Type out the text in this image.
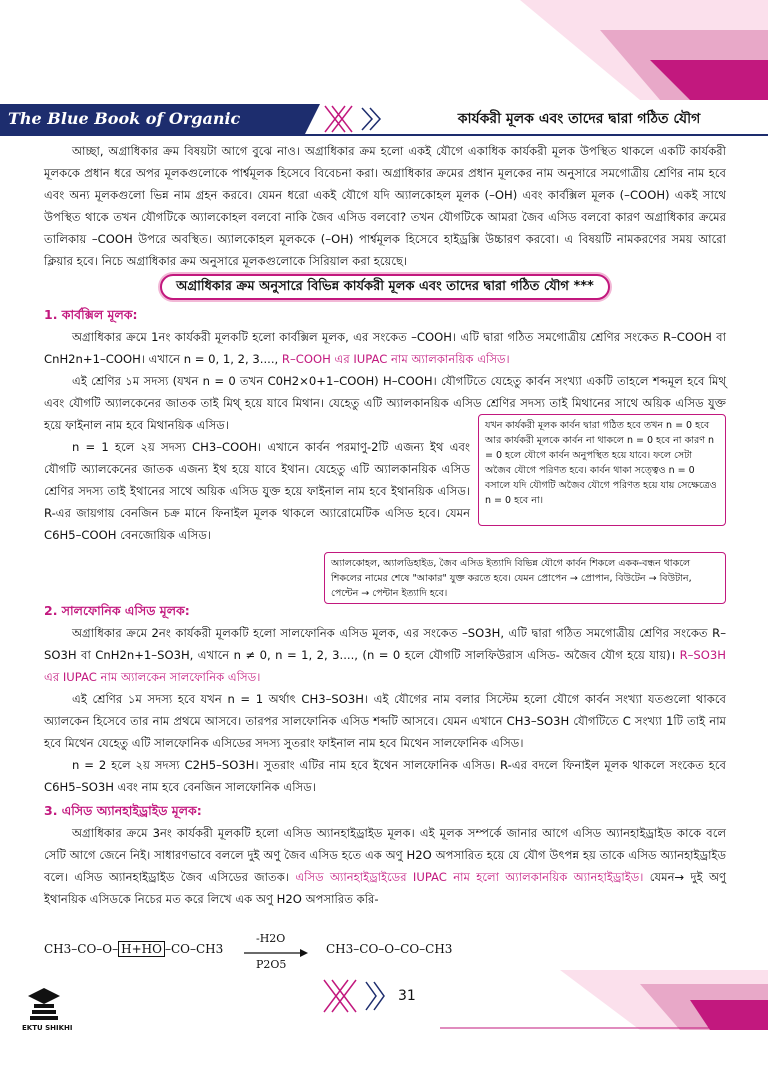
The Blue Book of Organic Chemistry
কার্যকরী মূলক এবং তাদের দ্বারা গঠিত যৌগ

আচ্ছা, অগ্রাধিকার ক্রম বিষয়টা আগে বুঝে নাও। অগ্রাধিকার ক্রম হলো একই যৌগে একাধিক কার্যকরী মূলক উপস্থিত থাকলে একটি কার্যকরী মূলককে প্রধান ধরে অপর মূলকগুলোকে পার্শ্বমূলক হিসেবে বিবেচনা করা। অগ্রাধিকার ক্রমের প্রধান মূলকের নাম অনুসারে সমগোত্রীয় শ্রেণির নাম হবে এবং অন্য মূলকগুলো ভিন্ন নাম গ্রহন করবে। যেমন ধরো একই যৌগে যদি অ্যালকোহল মূলক (–OH) এবং কার্বক্সিল মূলক (–COOH) একই সাথে উপস্থিত থাকে তখন যৌগটিকে অ্যালকোহল বলবো নাকি জৈব এসিড বলবো? তখন যৌগটিকে আমরা জৈব এসিড বলবো কারণ অগ্রাধিকার ক্রমের তালিকায় –COOH উপরে অবস্থিত। অ্যালকোহল মূলককে (–OH) পার্শ্বমূলক হিসেবে হাইড্রক্সি উচ্চারণ করবো। এ বিষয়টি নামকরণের সময় আরো ক্লিয়ার হবে। নিচে অগ্রাধিকার ক্রম অনুসারে মূলকগুলোকে সিরিয়াল করা হয়েছে।

অগ্রাধিকার ক্রম অনুসারে বিভিন্ন কার্যকরী মূলক এবং তাদের দ্বারা গঠিত যৌগ ***
1. কার্বক্সিল মূলক:

অগ্রাধিকার ক্রমে 1নং কার্যকরী মূলকটি হলো কার্বক্সিল মূলক, এর সংকেত –COOH। এটি দ্বারা গঠিত সমগোত্রীয় শ্রেণির সংকেত R–COOH বা CnH2n+1–COOH। এখানে n = 0, 1, 2, 3...., R–COOH এর IUPAC নাম অ্যালকানয়িক এসিড।

এই শ্রেণির ১ম সদস্য (যখন n = 0 তখন C0H2×0+1–COOH) H–COOH। যৌগটিতে যেহেতু কার্বন সংখ্যা একটি তাহলে শব্দমূল হবে মিথ্ এবং যৌগটি অ্যালকেনের জাতক তাই মিথ্ হয়ে যাবে মিথান। যেহেতু এটি অ্যালকানয়িক এসিড শ্রেণির সদস্য তাই মিথানের সাথে অয়িক এসিড যুক্ত হয়ে ফাইনাল নাম হবে মিথানয়িক এসিড।

n = 1 হলে ২য় সদস্য CH3–COOH। এখানে কার্বন পরমাণু-2টি এজন্য ইথ এবং যৌগটি অ্যালকেনের জাতক এজন্য ইথ হয়ে যাবে ইথান। যেহেতু এটি অ্যালকানয়িক এসিড শ্রেণির সদস্য তাই ইথানের সাথে অয়িক এসিড যুক্ত হয়ে ফাইনাল নাম হবে ইথানয়িক এসিড। R-এর জায়গায় বেনজিন চক্র মানে ফিনাইল মূলক থাকলে অ্যারোমেটিক এসিড হবে। যেমন C6H5–COOH বেনজোয়িক এসিড।

যখন কার্যকরী মূলক কার্বন দ্বারা গঠিত হবে তখন n = 0 হবে আর কার্যকরী মূলকে কার্বন না থাকলে n = 0 হবে না কারণ n = 0 হলে যৌগে কার্বন অনুপস্থিত হয়ে যাবে। ফলে সেটা অজৈব যৌগে পরিণত হবে। কার্বন থাকা সত্ত্বেও n = 0 বসালে যদি যৌগটি অজৈব যৌগে পরিণত হয়ে যায় সেক্ষেত্রেও n = 0 হবে না।
অ্যালকোহল, অ্যালডিহাইড, জৈব এসিড ইত্যাদি বিভিন্ন যৌগে কার্বন শিকলে একক-বন্ধন থাকলে শিকলের নামের শেষে "আকার" যুক্ত করতে হবে। যেমন প্রোপেন → প্রোপান, বিউটেন → বিউটান, পেন্টেন → পেন্টান ইত্যাদি হবে।
2. সালফোনিক এসিড মূলক:

অগ্রাধিকার ক্রমে 2নং কার্যকরী মূলকটি হলো সালফোনিক এসিড মূলক, এর সংকেত –SO3H, এটি দ্বারা গঠিত সমগোত্রীয় শ্রেণির সংকেত R–SO3H বা CnH2n+1–SO3H, এখানে n ≠ 0, n = 1, 2, 3...., (n = 0 হলে যৌগটি সালফিউরাস এসিড- অজৈব যৌগ হয়ে যায়)। R–SO3H এর IUPAC নাম অ্যালকেন সালফোনিক এসিড।

এই শ্রেণির ১ম সদস্য হবে যখন n = 1 অর্থাৎ CH3–SO3H। এই যৌগের নাম বলার সিস্টেম হলো যৌগে কার্বন সংখ্যা যতগুলো থাকবে অ্যালকেন হিসেবে তার নাম প্রথমে আসবে। তারপর সালফোনিক এসিড শব্দটি আসবে। যেমন এখানে CH3–SO3H যৌগটিতে C সংখ্যা 1টি তাই নাম হবে মিথেন যেহেতু এটি সালফোনিক এসিডের সদস্য সুতরাং ফাইনাল নাম হবে মিথেন সালফোনিক এসিড।

n = 2 হলে ২য় সদস্য C2H5–SO3H। সুতরাং এটির নাম হবে ইথেন সালফোনিক এসিড। R-এর বদলে ফিনাইল মূলক থাকলে সংকেত হবে C6H5–SO3H এবং নাম হবে বেনজিন সালফোনিক এসিড।

3. এসিড অ্যানহাইড্রাইড মূলক:

অগ্রাধিকার ক্রমে 3নং কার্যকরী মূলকটি হলো এসিড অ্যানহাইড্রাইড মূলক। এই মূলক সম্পর্কে জানার আগে এসিড অ্যানহাইড্রাইড কাকে বলে সেটি আগে জেনে নিই। সাধারণভাবে বললে দুই অণু জৈব এসিড হতে এক অণু H2O অপসারিত হয়ে যে যৌগ উৎপন্ন হয় তাকে এসিড অ্যানহাইড্রাইড বলে। এসিড অ্যানহাইড্রাইড জৈব এসিডের জাতক। এসিড অ্যানহাইড্রাইডের IUPAC নাম হলো অ্যালকানয়িক অ্যানহাইড্রাইড। যেমন→ দুই অণু ইথানয়িক এসিডকে নিচের মত করে লিখে এক অণু H2O অপসারিত করি-

CH3–CO–O– H+HO –CO–CH3
-H2O
P2O5
CH3–CO–O–CO–CH3
EKTU SHIKHI
31
